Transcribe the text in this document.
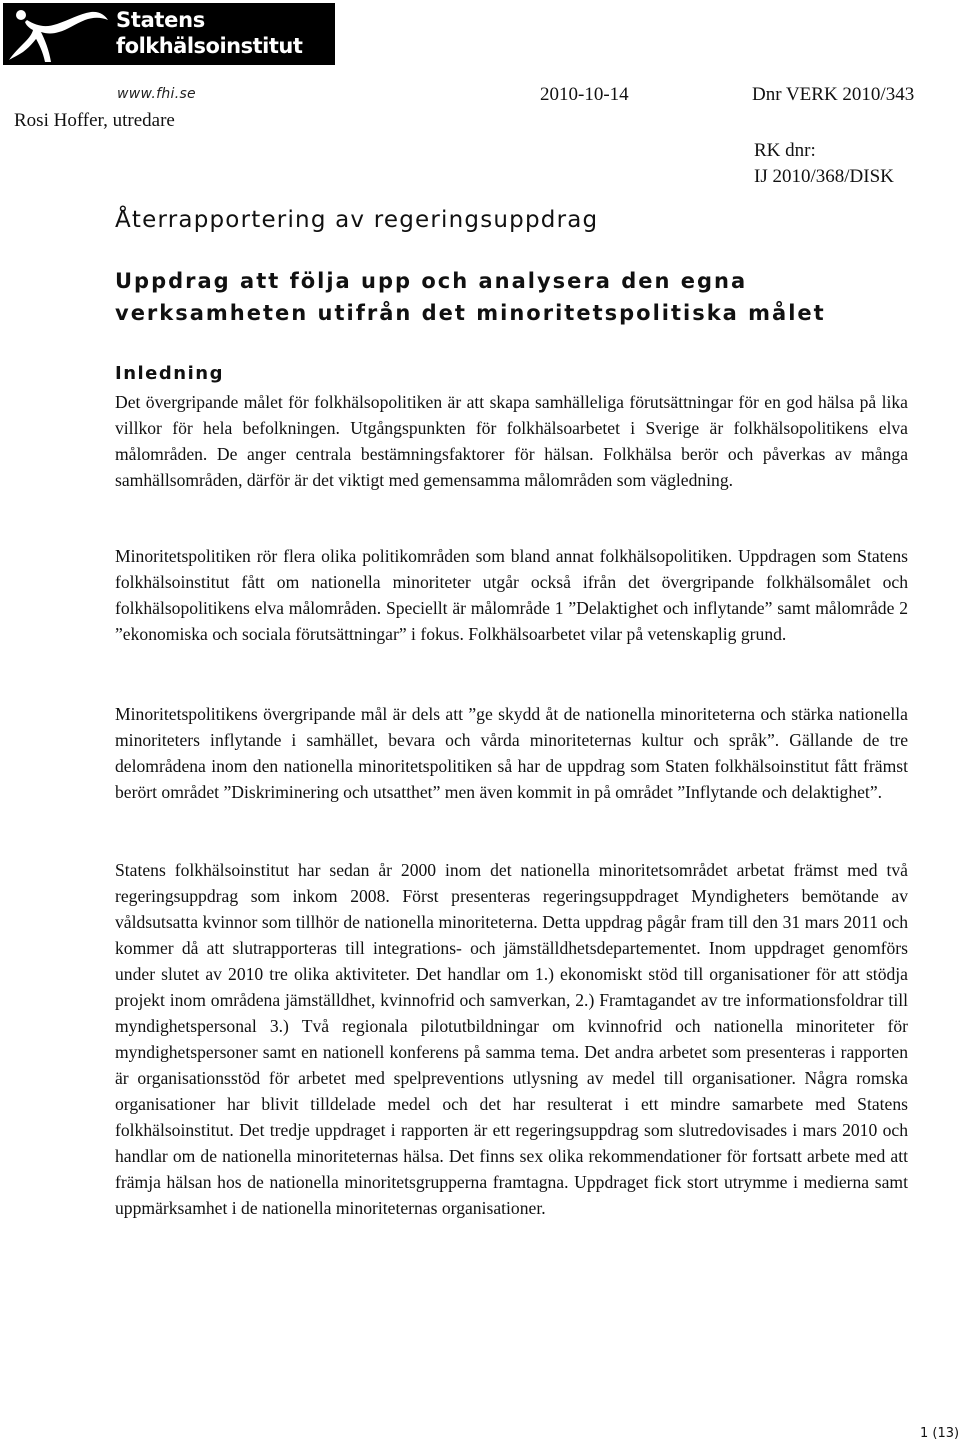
Statens
folkhälsoinstitut
www.fhi.se
Rosi Hoffer, utredare
2010-10-14	Dnr VERK 2010/343
RK dnr:
IJ 2010/368/DISK
Återrapportering av regeringsuppdrag
Uppdrag att följa upp och analysera den egna verksamheten utifrån det minoritetspolitiska målet
Inledning

Det övergripande målet för folkhälsopolitiken är att skapa samhälleliga förutsättningar för en god hälsa på lika villkor för hela befolkningen. Utgångspunkten för folkhälsoarbetet i Sverige är folkhälsopolitikens elva målområden. De anger centrala bestämningsfaktorer för hälsan. Folkhälsa berör och påverkas av många samhällsområden, därför är det viktigt med gemensamma målområden som vägledning.

Minoritetspolitiken rör flera olika politikområden som bland annat folkhälsopolitiken. Uppdragen som Statens folkhälsoinstitut fått om nationella minoriteter utgår också ifrån det övergripande folkhälsomålet och folkhälsopolitikens elva målområden. Speciellt är målområde 1 ”Delaktighet och inflytande” samt målområde 2 ”ekonomiska och sociala förutsättningar” i fokus. Folkhälsoarbetet vilar på vetenskaplig grund.

Minoritetspolitikens övergripande mål är dels att ”ge skydd åt de nationella minoriteterna och stärka nationella minoriteters inflytande i samhället, bevara och vårda minoriteternas kultur och språk”. Gällande de tre delområdena inom den nationella minoritetspolitiken så har de uppdrag som Staten folkhälsoinstitut fått främst berört området ”Diskriminering och utsatthet” men även kommit in på området ”Inflytande och delaktighet”.

Statens folkhälsoinstitut har sedan år 2000 inom det nationella minoritetsområdet arbetat främst med två regeringsuppdrag som inkom 2008. Först presenteras regeringsuppdraget Myndigheters bemötande av våldsutsatta kvinnor som tillhör de nationella minoriteterna. Detta uppdrag pågår fram till den 31 mars 2011 och kommer då att slutrapporteras till integrations- och jämställdhetsdepartementet. Inom uppdraget genomförs under slutet av 2010 tre olika aktiviteter. Det handlar om 1.) ekonomiskt stöd till organisationer för att stödja projekt inom områdena jämställdhet, kvinnofrid och samverkan, 2.) Framtagandet av tre informationsfoldrar till myndighetspersonal 3.) Två regionala pilotutbildningar om kvinnofrid och nationella minoriteter för myndighetspersoner samt en nationell konferens på samma tema. Det andra arbetet som presenteras i rapporten är organisationsstöd för arbetet med spelpreventions utlysning av medel till organisationer. Några romska organisationer har blivit tilldelade medel och det har resulterat i ett mindre samarbete med Statens folkhälsoinstitut. Det tredje uppdraget i rapporten är ett regeringsuppdrag som slutredovisades i mars 2010 och handlar om de nationella minoriteternas hälsa. Det finns sex olika rekommendationer för fortsatt arbete med att främja hälsan hos de nationella minoritetsgrupperna framtagna. Uppdraget fick stort utrymme i medierna samt uppmärksamhet i de nationella minoriteternas organisationer.

1 (13)
